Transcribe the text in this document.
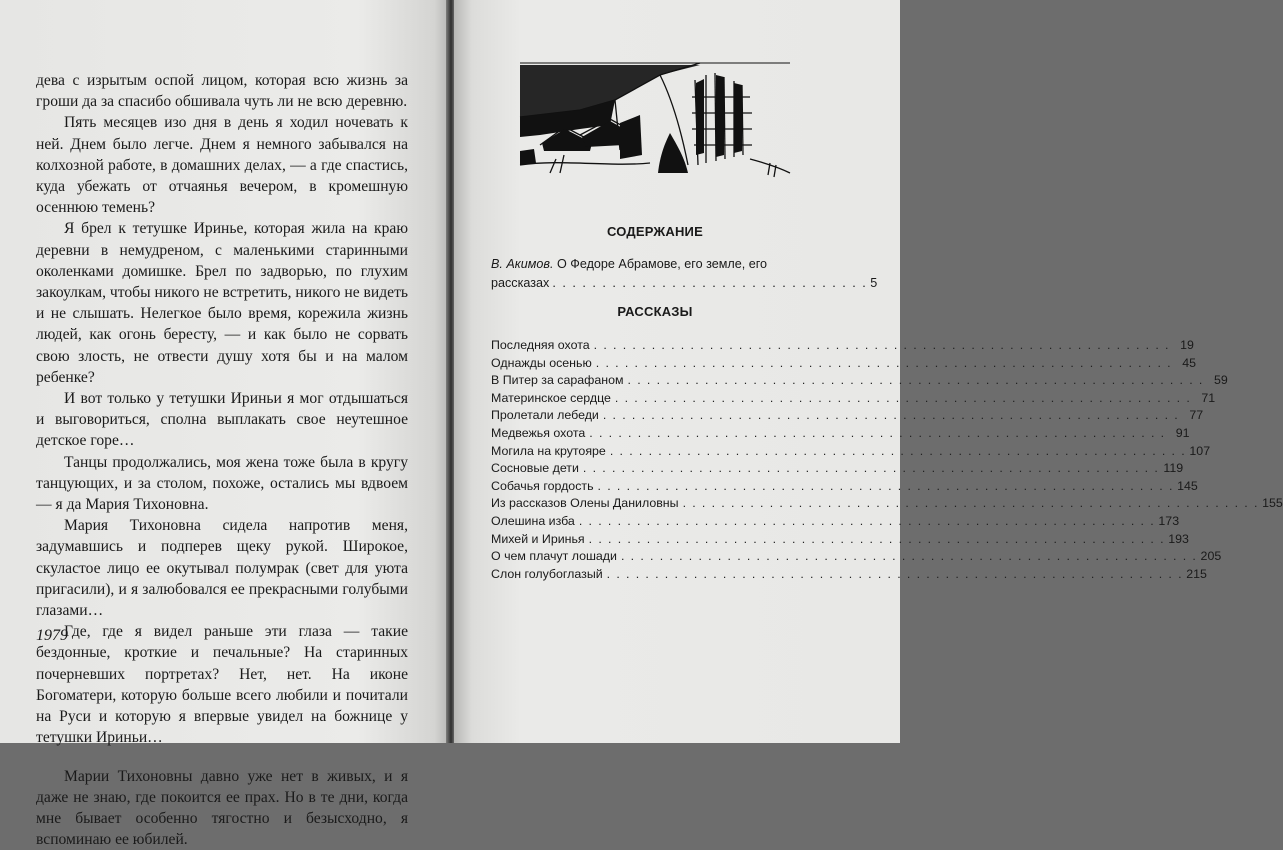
дева с изрытым оспой лицом, которая всю жизнь за гроши да за спасибо обшивала чуть ли не всю деревню.

Пять месяцев изо дня в день я ходил ночевать к ней. Днем было легче. Днем я немного забывался на колхозной работе, в домашних делах, — а где спастись, куда убежать от отчаянья вечером, в кромешную осеннюю темень?

Я брел к тетушке Иринье, которая жила на краю деревни в немудреном, с маленькими старинными околенками домишке. Брел по задворью, по глухим закоулкам, чтобы никого не встретить, никого не видеть и не слышать. Нелегкое было время, корежила жизнь людей, как огонь бересту, — и как было не сорвать свою злость, не отвести душу хотя бы и на малом ребенке?

И вот только у тетушки Ириньи я мог отдышаться и выговориться, сполна выплакать свое неутешное детское горе…

Танцы продолжались, моя жена тоже была в кругу танцующих, и за столом, похоже, остались мы вдвоем — я да Мария Тихоновна.

Мария Тихоновна сидела напротив меня, задумавшись и подперев щеку рукой. Широкое, скуластое лицо ее окутывал полумрак (свет для уюта пригасили), и я залюбовался ее прекрасными голубыми глазами…

Где, где я видел раньше эти глаза — такие бездонные, кроткие и печальные? На старинных почерневших портретах? Нет, нет. На иконе Богоматери, которую больше всего любили и почитали на Руси и которую я впервые увидел на божнице у тетушки Ириньи…

Марии Тихоновны давно уже нет в живых, и я даже не знаю, где покоится ее прах. Но в те дни, когда мне бывает особенно тягостно и безысходно, я вспоминаю ее юбилей.

1979
СОДЕРЖАНИЕ
В. Акимов. О Федоре Абрамове, его земле, его
рассказах . . . . . . . . . . . . . . . . . . . . . . . . . . . . . . . . 5
РАССКАЗЫ
Последняя охота . . .	19
Однажды осенью . . .	45
В Питер за сарафаном . . .	59
Материнское сердце . . .	71
Пролетали лебеди . . .	77
Медвежья охота . . .	91
Могила на крутояре . . .	107
Сосновые дети . . .	119
Собачья гордость . . .	145
Из рассказов Олены Даниловны . . .	155
Олешина изба . . .	173
Михей и Иринья . . .	193
О чем плачут лошади . . .	205
Слон голубоглазый . . .	215
